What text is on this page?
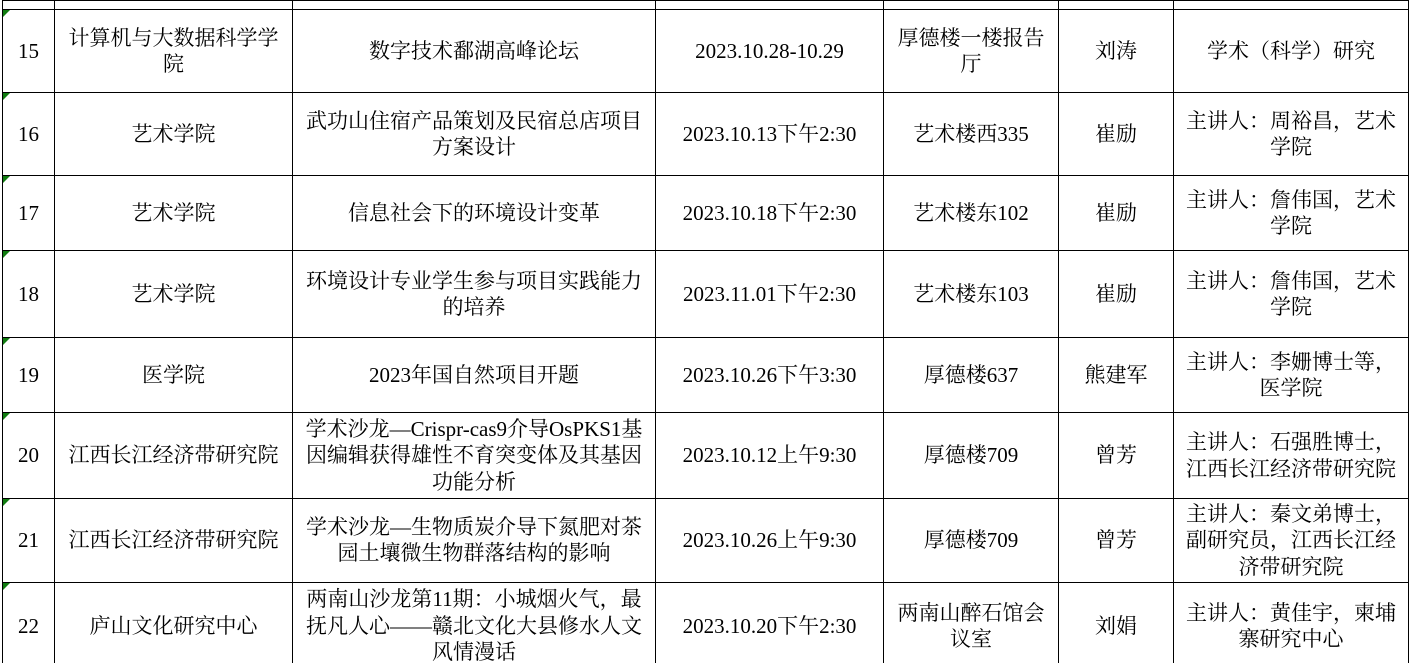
15	计算机与大数据科学学院	数字技术鄱湖高峰论坛	2023.10.28-10.29	厚德楼一楼报告厅	刘涛	学术（科学）研究

16	艺术学院	武功山住宿产品策划及民宿总店项目方案设计	2023.10.13下午2:30	艺术楼西335	崔励	主讲人：周裕昌，艺术学院

17	艺术学院	信息社会下的环境设计变革	2023.10.18下午2:30	艺术楼东102	崔励	主讲人：詹伟国，艺术学院

18	艺术学院	环境设计专业学生参与项目实践能力的培养	2023.11.01下午2:30	艺术楼东103	崔励	主讲人：詹伟国，艺术学院

19	医学院	2023年国自然项目开题	2023.10.26下午3:30	厚德楼637	熊建军	主讲人：李姗博士等，医学院

20	江西长江经济带研究院	学术沙龙—Crispr-cas9介导OsPKS1基因编辑获得雄性不育突变体及其基因功能分析	2023.10.12上午9:30	厚德楼709	曾芳	主讲人：石强胜博士，江西长江经济带研究院

21	江西长江经济带研究院	学术沙龙—生物质炭介导下氮肥对茶园土壤微生物群落结构的影响	2023.10.26上午9:30	厚德楼709	曾芳	主讲人：秦文弟博士，副研究员，江西长江经济带研究院

22	庐山文化研究中心	两南山沙龙第11期：小城烟火气，最抚凡人心——赣北文化大县修水人文风情漫话	2023.10.20下午2:30	两南山醉石馆会议室	刘娟	主讲人：黄佳宇，柬埔寨研究中心
